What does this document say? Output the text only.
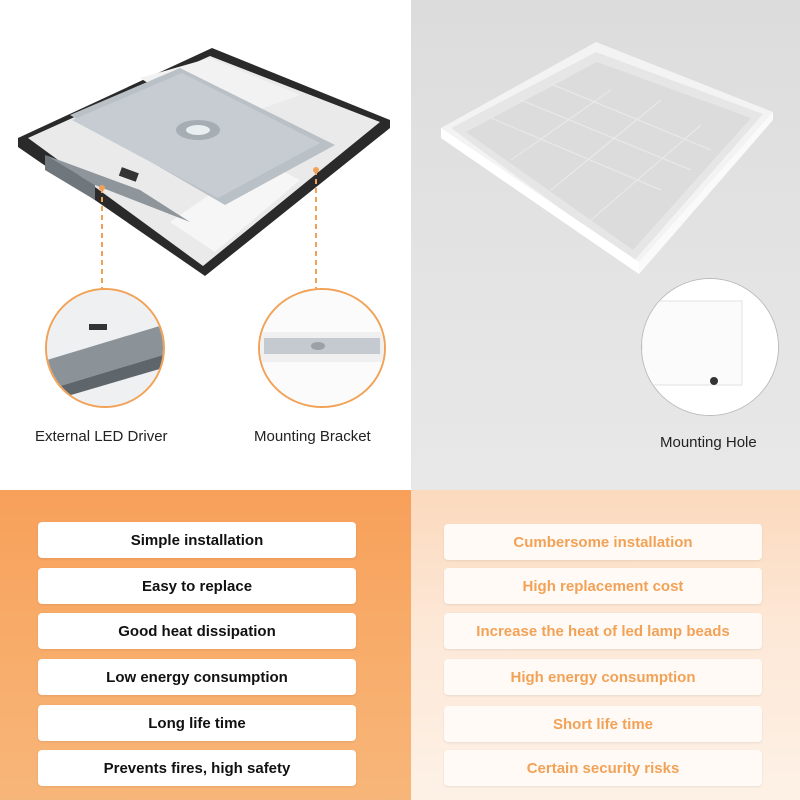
External LED Driver	Mounting Bracket	Mounting Hole
Simple installation
Easy to replace
Good heat dissipation
Low energy consumption
Long life time
Prevents fires, high safety
Cumbersome installation
High replacement cost
Increase the heat of led lamp beads
High energy consumption
Short life time
Certain security risks
